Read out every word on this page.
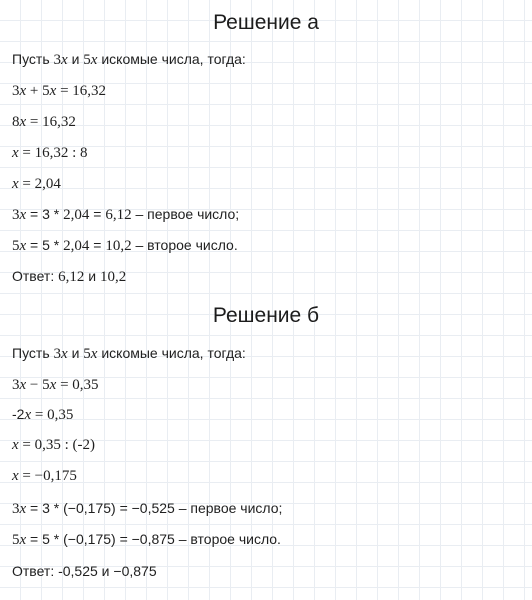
Решение а
Пусть 3x и 5x искомые числа, тогда:
3x + 5x = 16,32
8x = 16,32
x = 16,32 : 8
x = 2,04
3x = 3 * 2,04 = 6,12 – первое число;
5x = 5 * 2,04 = 10,2 – второе число.
Ответ: 6,12 и 10,2
Решение б
Пусть 3x и 5x искомые числа, тогда:
3x − 5x = 0,35
-2x = 0,35
x = 0,35 : (-2)
x = −0,175
3x = 3 * (−0,175) = −0,525 – первое число;
5x = 5 * (−0,175) = −0,875 – второе число.
Ответ: -0,525 и −0,875
